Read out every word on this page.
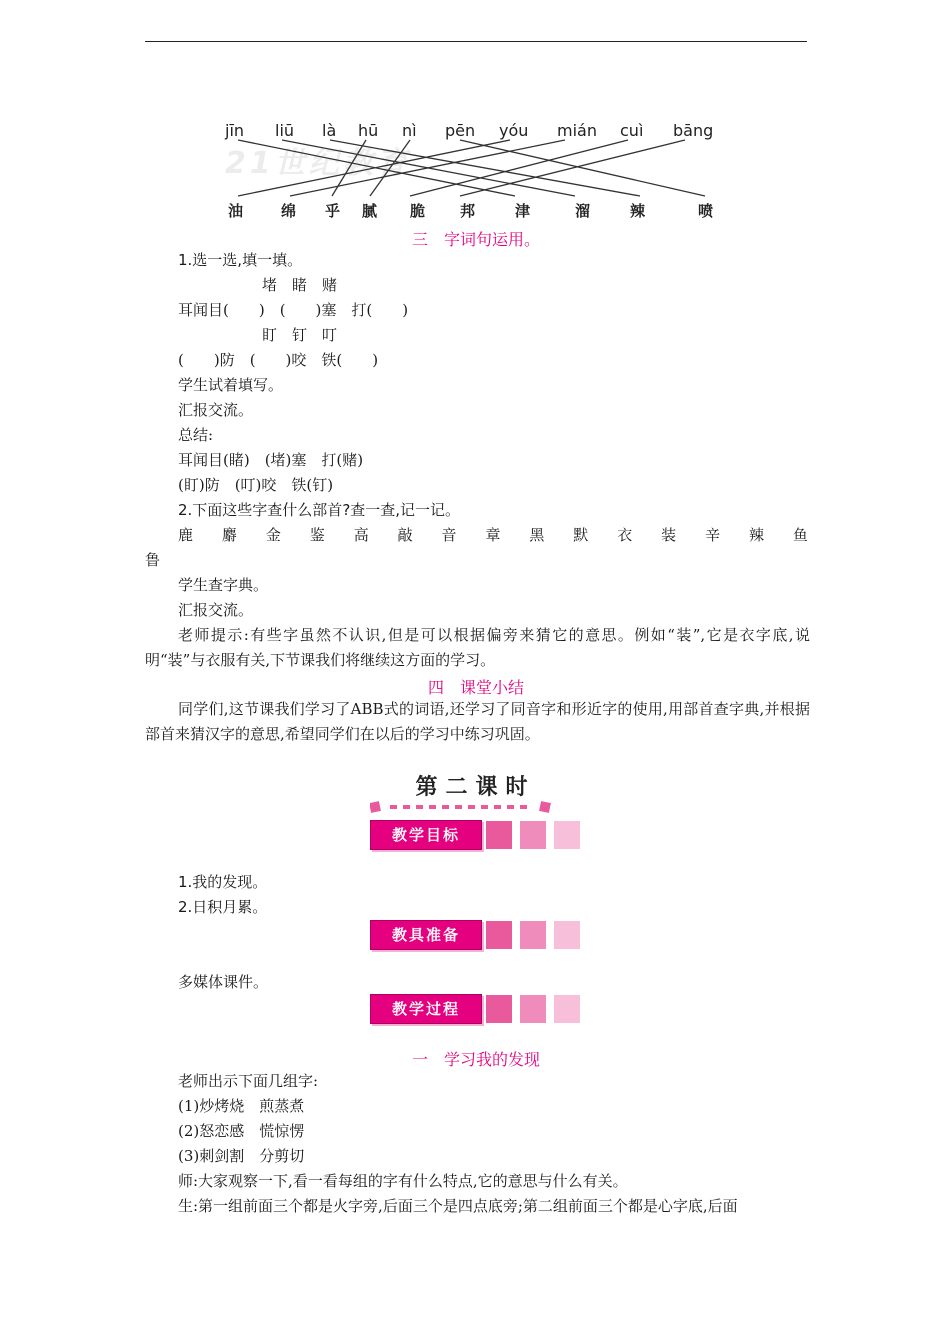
jīn liū là hū nì pēn yóu mián cuì bāng
21世纪教育
油	绵 乎 腻 脆 邦	津	溜	辣	喷
三　字词句运用。
1.选一选,填一填。
堵　睹　赌
耳闻目(　　)　(　　)塞　打(　　)
盯　钉　叮
(　　)防　(　　)咬　铁(　　)
学生试着填写。
汇报交流。
总结:
耳闻目(睹)　(堵)塞　打(赌)
(盯)防　(叮)咬　铁(钉)
2.下面这些字查什么部首?查一查,记一记。
鹿 麝 金 鉴 高 敲 音 章 黑 默 衣 装 辛 辣 鱼
鲁
学生查字典。
汇报交流。
老师提示:有些字虽然不认识,但是可以根据偏旁来猜它的意思。例如“装”,它是衣字底,说明“装”与衣服有关,下节课我们将继续这方面的学习。
四　课堂小结
同学们,这节课我们学习了ABB式的词语,还学习了同音字和形近字的使用,用部首查字典,并根据部首来猜汉字的意思,希望同学们在以后的学习中练习巩固。
第二课时
教学目标
1.我的发现。
2.日积月累。
教具准备
多媒体课件。
教学过程
一　学习我的发现
老师出示下面几组字:
(1)炒烤烧　煎蒸煮
(2)怒恋感　慌惊愣
(3)刺剑割　分剪切
师:大家观察一下,看一看每组的字有什么特点,它的意思与什么有关。
生:第一组前面三个都是火字旁,后面三个是四点底旁;第二组前面三个都是心字底,后面
